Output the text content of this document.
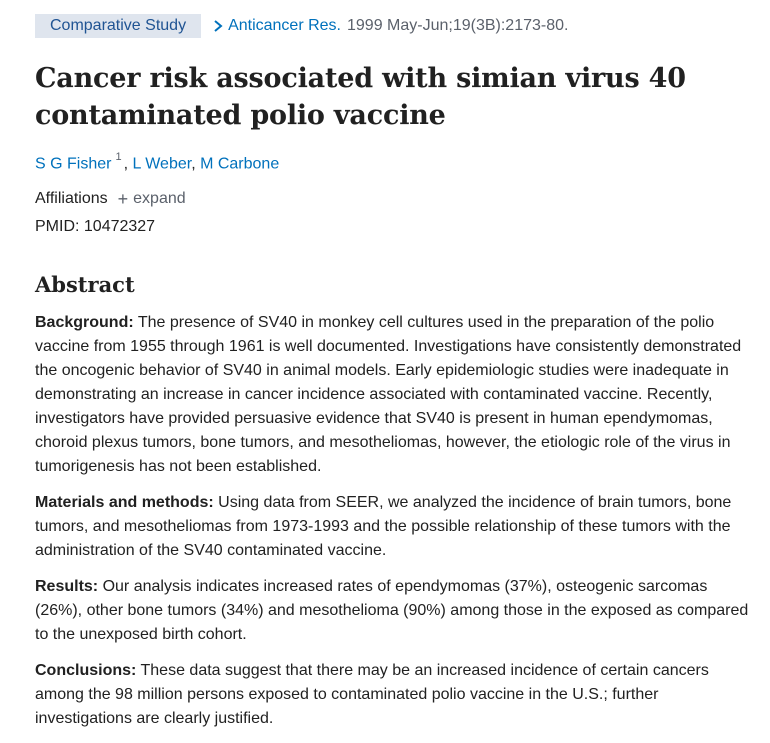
Comparative Study	Anticancer Res. 1999 May-Jun;19(3B):2173-80.
Cancer risk associated with simian virus 40 contaminated polio vaccine
S G Fisher $^1$ , L Weber, M Carbone
Affiliations + expand
PMID: 10472327
Abstract

Background: The presence of SV40 in monkey cell cultures used in the preparation of the polio vaccine from 1955 through 1961 is well documented. Investigations have consistently demonstrated the oncogenic behavior of SV40 in animal models. Early epidemiologic studies were inadequate in demonstrating an increase in cancer incidence associated with contaminated vaccine. Recently, investigators have provided persuasive evidence that SV40 is present in human ependymomas, choroid plexus tumors, bone tumors, and mesotheliomas, however, the etiologic role of the virus in tumorigenesis has not been established.

Materials and methods: Using data from SEER, we analyzed the incidence of brain tumors, bone tumors, and mesotheliomas from 1973-1993 and the possible relationship of these tumors with the administration of the SV40 contaminated vaccine.

Results: Our analysis indicates increased rates of ependymomas (37%), osteogenic sarcomas (26%), other bone tumors (34%) and mesothelioma (90%) among those in the exposed as compared to the unexposed birth cohort.

Conclusions: These data suggest that there may be an increased incidence of certain cancers among the 98 million persons exposed to contaminated polio vaccine in the U.S.; further investigations are clearly justified.
